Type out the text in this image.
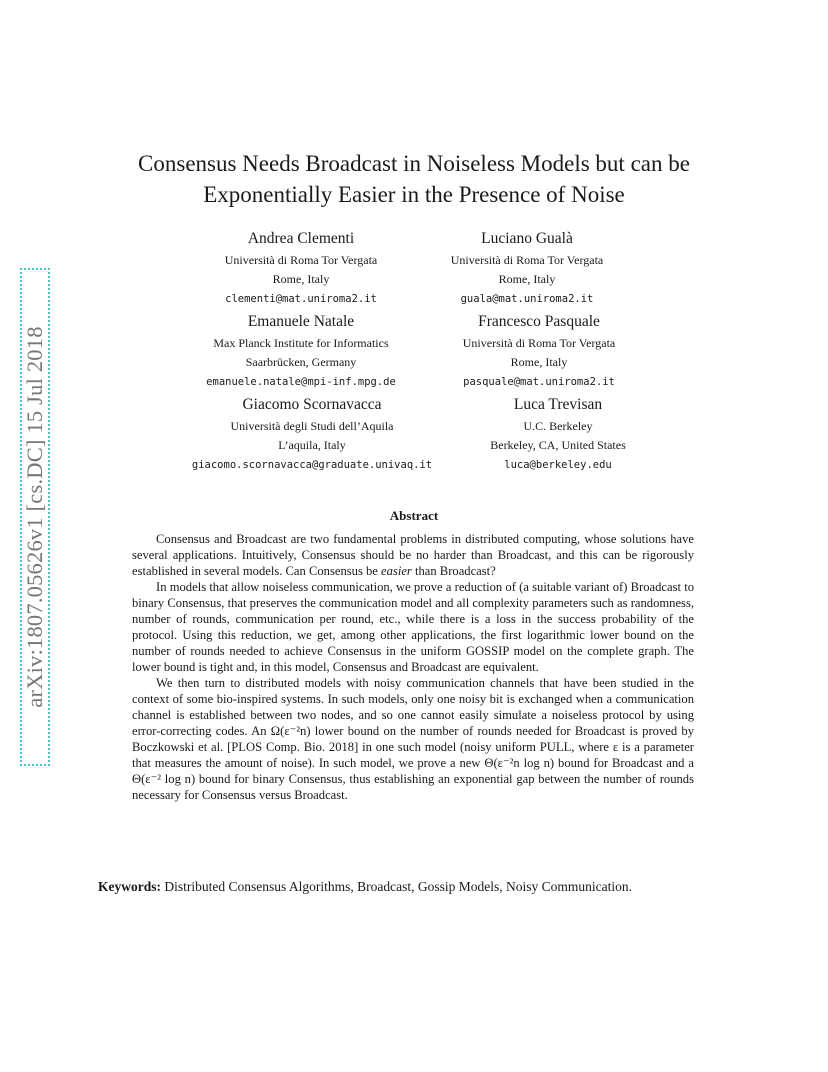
arXiv:1807.05626v1 [cs.DC] 15 Jul 2018
Consensus Needs Broadcast in Noiseless Models but can be
Exponentially Easier in the Presence of Noise
Andrea Clementi
Università di Roma Tor Vergata
Rome, Italy
clementi@mat.uniroma2.it
Luciano Gualà
Università di Roma Tor Vergata
Rome, Italy
guala@mat.uniroma2.it
Emanuele Natale
Max Planck Institute for Informatics
Saarbrücken, Germany
emanuele.natale@mpi-inf.mpg.de
Francesco Pasquale
Università di Roma Tor Vergata
Rome, Italy
pasquale@mat.uniroma2.it
Giacomo Scornavacca
Università degli Studi dell’Aquila
L’aquila, Italy
giacomo.scornavacca@graduate.univaq.it
Luca Trevisan
U.C. Berkeley
Berkeley, CA, United States
luca@berkeley.edu
Abstract

Consensus and Broadcast are two fundamental problems in distributed computing, whose solutions have several applications. Intuitively, Consensus should be no harder than Broadcast, and this can be rigorously established in several models. Can Consensus be easier than Broadcast?

In models that allow noiseless communication, we prove a reduction of (a suitable variant of) Broadcast to binary Consensus, that preserves the communication model and all complexity parameters such as randomness, number of rounds, communication per round, etc., while there is a loss in the success probability of the protocol. Using this reduction, we get, among other applications, the first logarithmic lower bound on the number of rounds needed to achieve Consensus in the uniform GOSSIP model on the complete graph. The lower bound is tight and, in this model, Consensus and Broadcast are equivalent.

We then turn to distributed models with noisy communication channels that have been studied in the context of some bio-inspired systems. In such models, only one noisy bit is exchanged when a communication channel is established between two nodes, and so one cannot easily simulate a noiseless protocol by using error-correcting codes. An Ω(ε⁻²n) lower bound on the number of rounds needed for Broadcast is proved by Boczkowski et al. [PLOS Comp. Bio. 2018] in one such model (noisy uniform PULL, where ε is a parameter that measures the amount of noise). In such model, we prove a new Θ(ε⁻²n log n) bound for Broadcast and a Θ(ε⁻² log n) bound for binary Consensus, thus establishing an exponential gap between the number of rounds necessary for Consensus versus Broadcast.

Keywords: Distributed Consensus Algorithms, Broadcast, Gossip Models, Noisy Communication.
